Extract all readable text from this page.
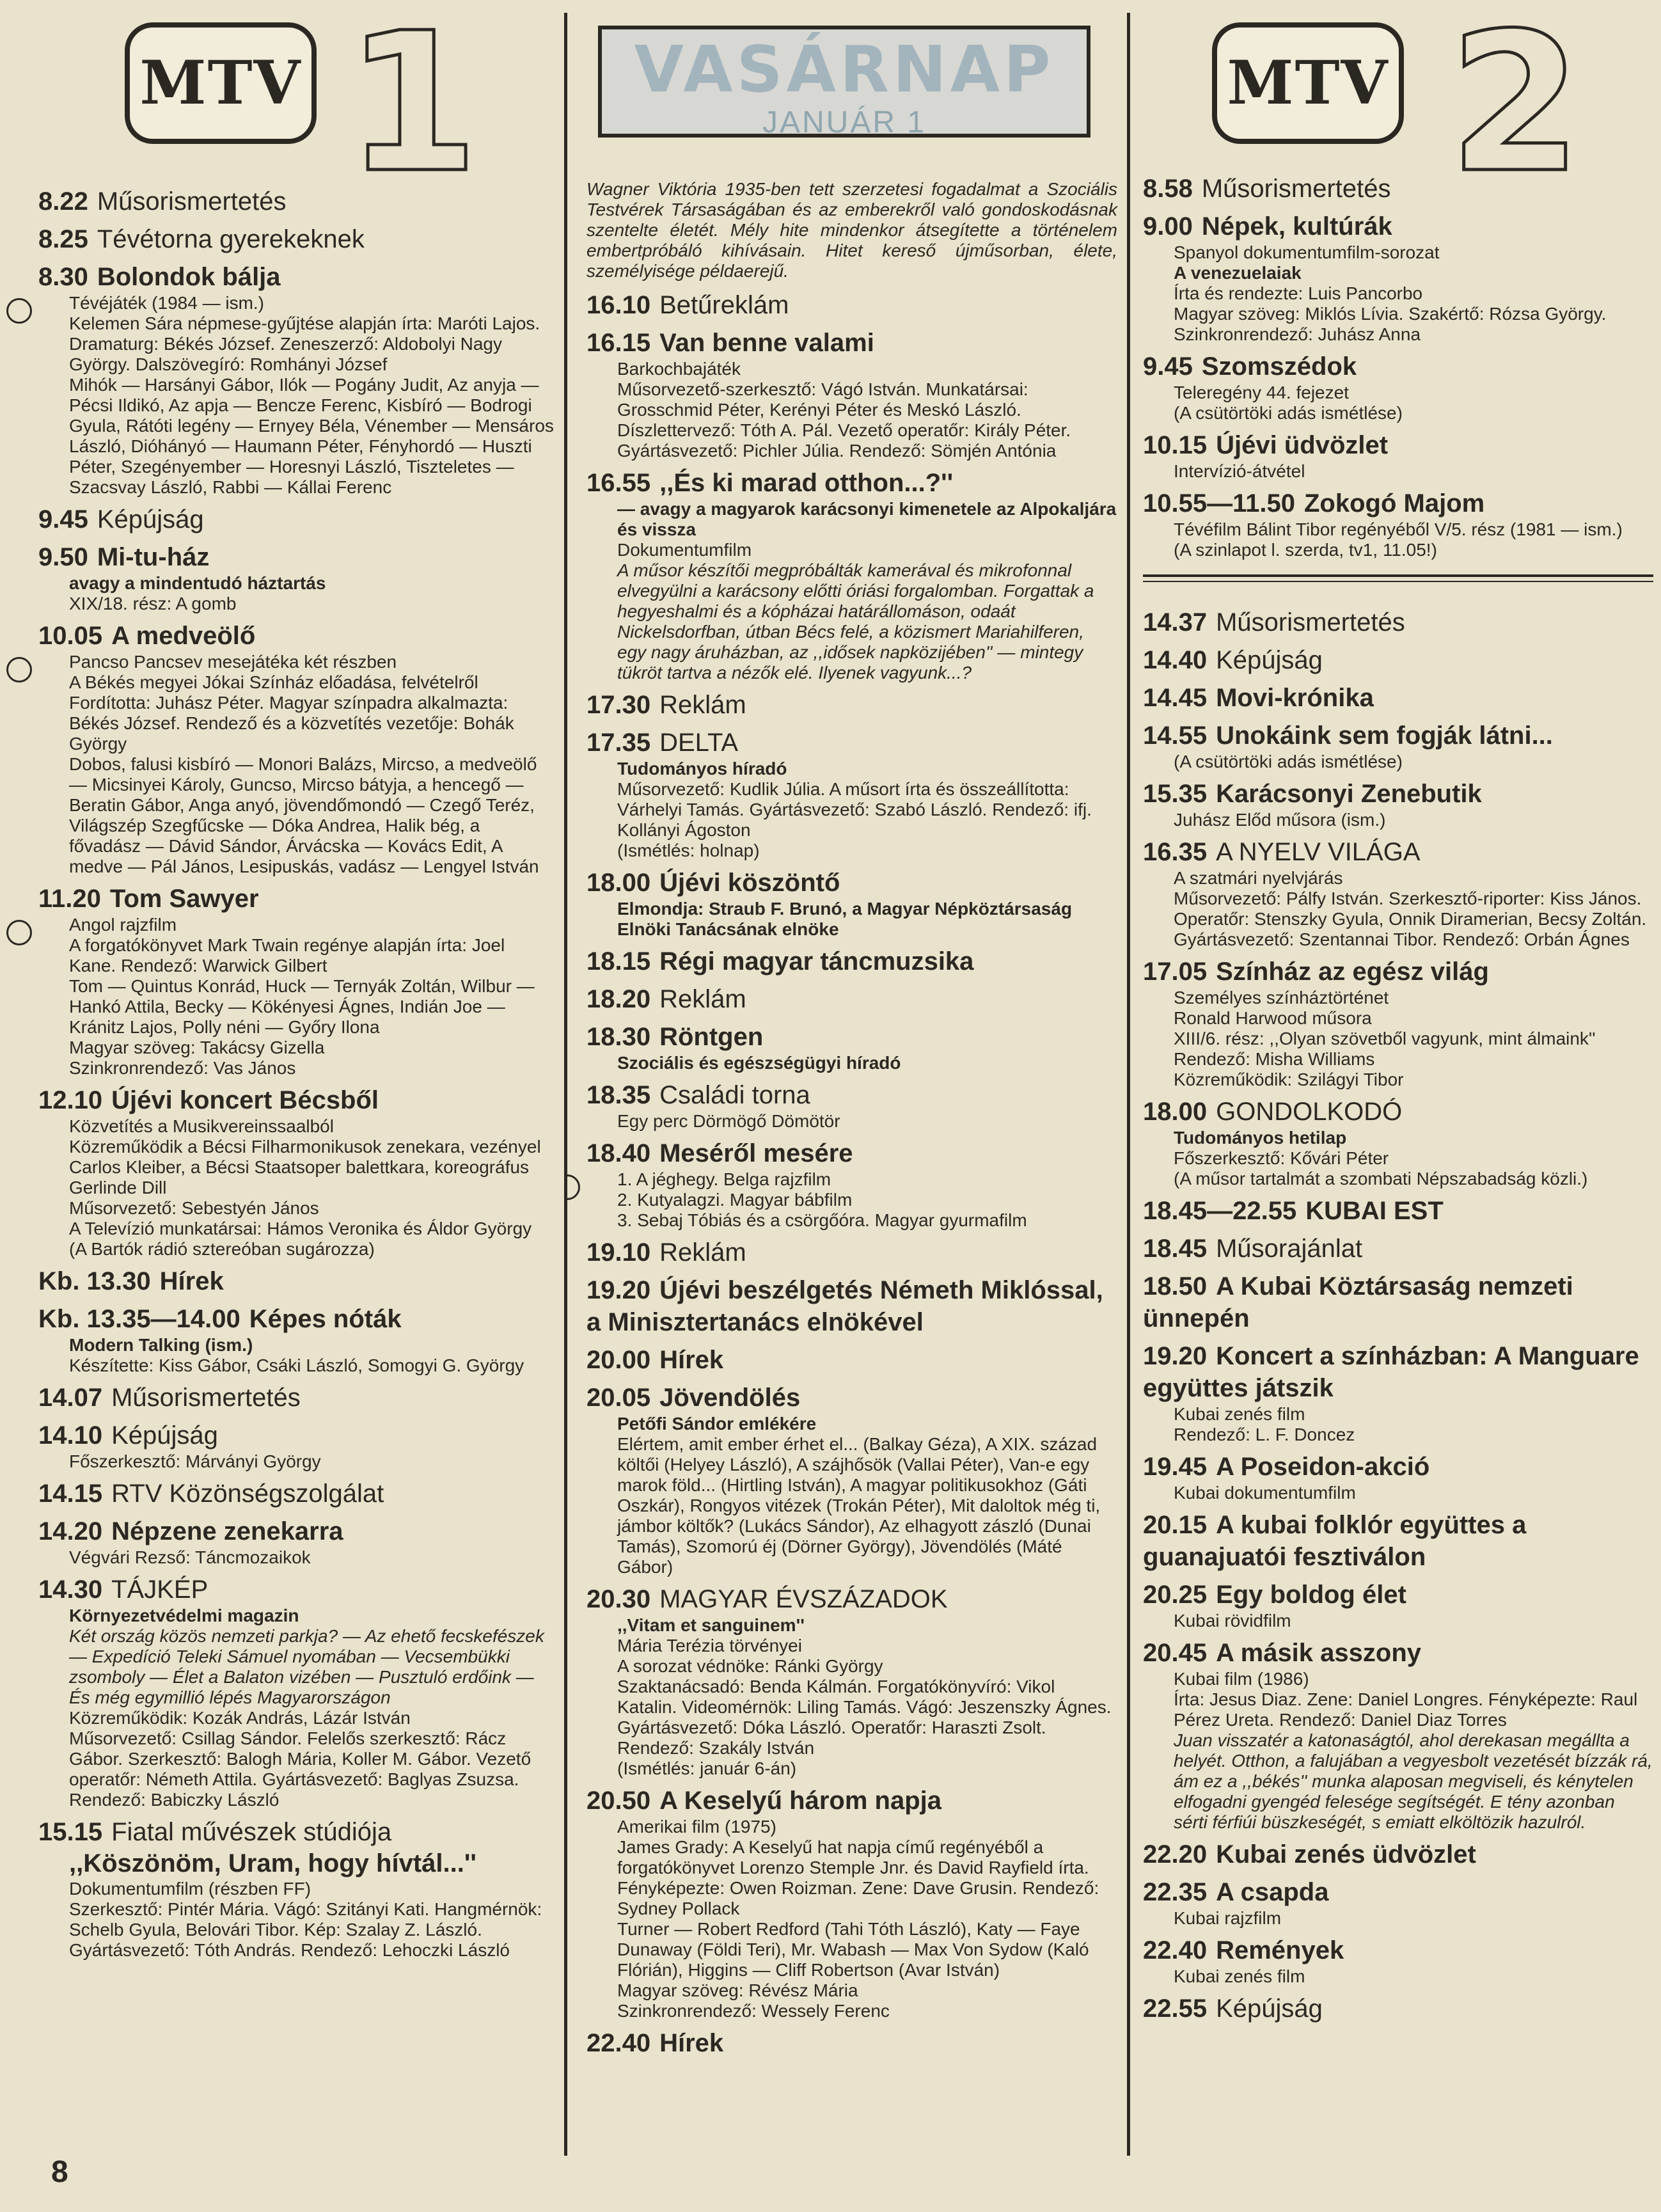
MTV 1	VASÁRNAP
JANUÁR 1
MTV 2
8.22 Műsorismertetés
8.25 Tévétorna gyerekeknek
8.30 Bolondok bálja
Tévéjáték (1984 — ism.)
Kelemen Sára népmese-gyűjtése alapján írta: Maróti Lajos. Dramaturg: Békés József. Zeneszerző: Aldobolyi Nagy György. Dalszövegíró: Romhányi József
Mihók — Harsányi Gábor, Ilók — Pogány Judit, Az anyja — Pécsi Ildikó, Az apja — Bencze Ferenc, Kisbíró — Bodrogi Gyula, Rátóti legény — Ernyey Béla, Vénember — Mensáros László, Dióhányó — Haumann Péter, Fényhordó — Huszti Péter, Szegényember — Horesnyi László, Tiszteletes — Szacsvay László, Rabbi — Kállai Ferenc
9.45 Képújság
9.50 Mi-tu-ház
avagy a mindentudó háztartás
XIX/18. rész: A gomb
10.05 A medveölő
Pancso Pancsev mesejátéka két részben
A Békés megyei Jókai Színház előadása, felvételről
Fordította: Juhász Péter. Magyar színpadra alkalmazta: Békés József. Rendező és a közvetítés vezetője: Bohák György
Dobos, falusi kisbíró — Monori Balázs, Mircso, a medveölő — Micsinyei Károly, Guncso, Mircso bátyja, a hencegő — Beratin Gábor, Anga anyó, jövendőmondó — Czegő Teréz, Világszép Szegfűcske — Dóka Andrea, Halik bég, a fővadász — Dávid Sándor, Árvácska — Kovács Edit, A medve — Pál János, Lesipuskás, vadász — Lengyel István
11.20 Tom Sawyer
Angol rajzfilm
A forgatókönyvet Mark Twain regénye alapján írta: Joel Kane. Rendező: Warwick Gilbert
Tom — Quintus Konrád, Huck — Ternyák Zoltán, Wilbur — Hankó Attila, Becky — Kökényesi Ágnes, Indián Joe — Kránitz Lajos, Polly néni — Győry Ilona
Magyar szöveg: Takácsy Gizella
Szinkronrendező: Vas János
12.10 Újévi koncert Bécsből
Közvetítés a Musikvereinssaalból
Közreműködik a Bécsi Filharmonikusok zenekara, vezényel Carlos Kleiber, a Bécsi Staatsoper balettkara, koreográfus Gerlinde Dill
Műsorvezető: Sebestyén János
A Televízió munkatársai: Hámos Veronika és Áldor György
(A Bartók rádió sztereóban sugározza)
Kb. 13.30 Hírek
Kb. 13.35—14.00 Képes nóták
Modern Talking (ism.)
Készítette: Kiss Gábor, Csáki László, Somogyi G. György
14.07 Műsorismertetés
14.10 Képújság
Főszerkesztő: Márványi György
14.15 RTV Közönségszolgálat
14.20 Népzene zenekarra
Végvári Rezső: Táncmozaikok
14.30 TÁJKÉP
Környezetvédelmi magazin
Két ország közös nemzeti parkja? — Az ehető fecskefészek — Expedíció Teleki Sámuel nyomában — Vecsembükki zsomboly — Élet a Balaton vizében — Pusztuló erdőink — És még egymillió lépés Magyarországon
Közreműködik: Kozák András, Lázár István
Műsorvezető: Csillag Sándor. Felelős szerkesztő: Rácz Gábor. Szerkesztő: Balogh Mária, Koller M. Gábor. Vezető operatőr: Németh Attila. Gyártásvezető: Baglyas Zsuzsa. Rendező: Babiczky László
15.15 Fiatal művészek stúdiója
,,Köszönöm, Uram, hogy hívtál...''
Dokumentumfilm (részben FF)
Szerkesztő: Pintér Mária. Vágó: Szitányi Kati. Hangmérnök: Schelb Gyula, Belovári Tibor. Kép: Szalay Z. László. Gyártásvezető: Tóth András. Rendező: Lehoczki László
Wagner Viktória 1935-ben tett szerzetesi fogadalmat a Szociális Testvérek Társaságában és az emberekről való gondoskodásnak szentelte életét. Mély hite mindenkor átsegítette a történelem embertpróbáló kihívásain. Hitet kereső újműsorban, élete, személyisége példaerejű.
16.10 Betűreklám
16.15 Van benne valami
Barkochbajáték
Műsorvezető-szerkesztő: Vágó István. Munkatársai: Grosschmid Péter, Kerényi Péter és Meskó László. Díszlettervező: Tóth A. Pál. Vezető operatőr: Király Péter. Gyártásvezető: Pichler Júlia. Rendező: Sömjén Antónia
16.55 ,,És ki marad otthon...?''
— avagy a magyarok karácsonyi kimenetele az Alpokaljára és vissza
Dokumentumfilm
A műsor készítői megpróbálták kamerával és mikrofonnal elvegyülni a karácsony előtti óriási forgalomban. Forgattak a hegyeshalmi és a kópházai határállomáson, odaát Nickelsdorfban, útban Bécs felé, a közismert Mariahilferen, egy nagy áruházban, az ,,idősek napközijében'' — mintegy tükröt tartva a nézők elé. Ilyenek vagyunk...?
17.30 Reklám
17.35 DELTA
Tudományos híradó
Műsorvezető: Kudlik Júlia. A műsort írta és összeállította: Várhelyi Tamás. Gyártásvezető: Szabó László. Rendező: ifj. Kollányi Ágoston
(Ismétlés: holnap)
18.00 Újévi köszöntő
Elmondja: Straub F. Brunó, a Magyar Népköztársaság Elnöki Tanácsának elnöke
18.15 Régi magyar táncmuzsika
18.20 Reklám
18.30 Röntgen
Szociális és egészségügyi híradó
18.35 Családi torna
Egy perc Dörmögő Dömötör
18.40 Meséről mesére
1. A jéghegy. Belga rajzfilm
2. Kutyalagzi. Magyar bábfilm
3. Sebaj Tóbiás és a csörgőóra. Magyar gyurmafilm
19.10 Reklám
19.20 Újévi beszélgetés Németh Miklóssal, a Minisztertanács elnökével
20.00 Hírek
20.05 Jövendölés
Petőfi Sándor emlékére
Elértem, amit ember érhet el... (Balkay Géza), A XIX. század költői (Helyey László), A szájhősök (Vallai Péter), Van-e egy marok föld... (Hirtling István), A magyar politikusokhoz (Gáti Oszkár), Rongyos vitézek (Trokán Péter), Mit daloltok még ti, jámbor költők? (Lukács Sándor), Az elhagyott zászló (Dunai Tamás), Szomorú éj (Dörner György), Jövendölés (Máté Gábor)
20.30 MAGYAR ÉVSZÁZADOK
,,Vitam et sanguinem''
Mária Terézia törvényei
A sorozat védnöke: Ránki György
Szaktanácsadó: Benda Kálmán. Forgatókönyvíró: Vikol Katalin. Videomérnök: Liling Tamás. Vágó: Jeszenszky Ágnes. Gyártásvezető: Dóka László. Operatőr: Haraszti Zsolt. Rendező: Szakály István
(Ismétlés: január 6-án)
20.50 A Keselyű három napja
Amerikai film (1975)
James Grady: A Keselyű hat napja című regényéből a forgatókönyvet Lorenzo Stemple Jnr. és David Rayfield írta. Fényképezte: Owen Roizman. Zene: Dave Grusin. Rendező: Sydney Pollack
Turner — Robert Redford (Tahi Tóth László), Katy — Faye Dunaway (Földi Teri), Mr. Wabash — Max Von Sydow (Kaló Flórián), Higgins — Cliff Robertson (Avar István)
Magyar szöveg: Révész Mária
Szinkronrendező: Wessely Ferenc
22.40 Hírek
8.58 Műsorismertetés
9.00 Népek, kultúrák
Spanyol dokumentumfilm-sorozat
A venezuelaiak
Írta és rendezte: Luis Pancorbo
Magyar szöveg: Miklós Lívia. Szakértő: Rózsa György. Szinkronrendező: Juhász Anna
9.45 Szomszédok
Teleregény 44. fejezet
(A csütörtöki adás ismétlése)
10.15 Újévi üdvözlet
Intervízió-átvétel
10.55—11.50 Zokogó Majom
Tévéfilm Bálint Tibor regényéből V/5. rész (1981 — ism.)
(A szinlapot l. szerda, tv1, 11.05!)
14.37 Műsorismertetés
14.40 Képújság
14.45 Movi-krónika
14.55 Unokáink sem fogják látni...
(A csütörtöki adás ismétlése)
15.35 Karácsonyi Zenebutik
Juhász Előd műsora (ism.)
16.35 A NYELV VILÁGA
A szatmári nyelvjárás
Műsorvezető: Pálfy István. Szerkesztő-riporter: Kiss János. Operatőr: Stenszky Gyula, Onnik Diramerian, Becsy Zoltán. Gyártásvezető: Szentannai Tibor. Rendező: Orbán Ágnes
17.05 Színház az egész világ
Személyes színháztörténet
Ronald Harwood műsora
XIII/6. rész: ,,Olyan szövetből vagyunk, mint álmaink''
Rendező: Misha Williams
Közreműködik: Szilágyi Tibor
18.00 GONDOLKODÓ
Tudományos hetilap
Főszerkesztő: Kővári Péter
(A műsor tartalmát a szombati Népszabadság közli.)
18.45—22.55 KUBAI EST
18.45 Műsorajánlat
18.50 A Kubai Köztársaság nemzeti ünnepén
19.20 Koncert a színházban: A Manguare együttes játszik
Kubai zenés film
Rendező: L. F. Doncez
19.45 A Poseidon-akció
Kubai dokumentumfilm
20.15 A kubai folklór együttes a guanajuatói fesztiválon
20.25 Egy boldog élet
Kubai rövidfilm
20.45 A másik asszony
Kubai film (1986)
Írta: Jesus Diaz. Zene: Daniel Longres. Fényképezte: Raul Pérez Ureta. Rendező: Daniel Diaz Torres
Juan visszatér a katonaságtól, ahol derekasan megállta a helyét. Otthon, a falujában a vegyesbolt vezetését bízzák rá, ám ez a ,,békés'' munka alaposan megviseli, és kénytelen elfogadni gyengéd felesége segítségét. E tény azonban sérti férfiúi büszkeségét, s emiatt elköltözik hazulról.
22.20 Kubai zenés üdvözlet
22.35 A csapda
Kubai rajzfilm
22.40 Remények
Kubai zenés film
22.55 Képújság
8
